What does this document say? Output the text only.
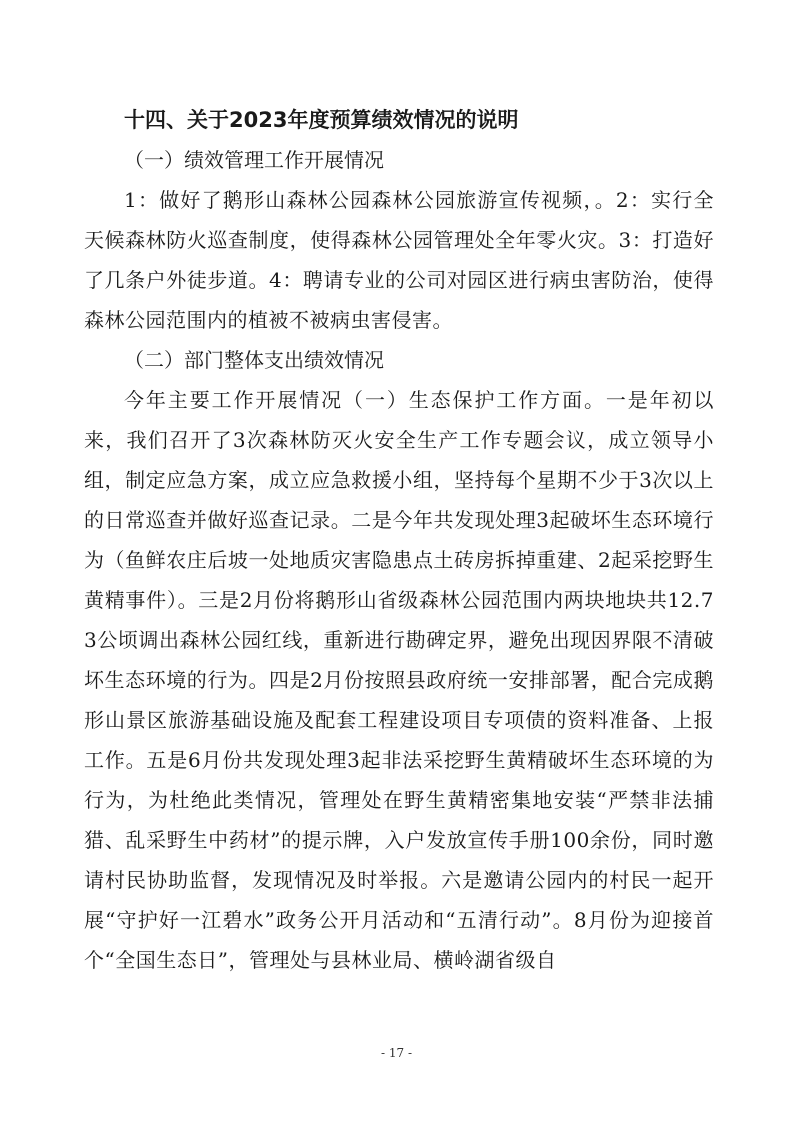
十四、关于2023年度预算绩效情况的说明

（一）绩效管理工作开展情况

1：做好了鹅形山森林公园森林公园旅游宣传视频，。2：实行全天候森林防火巡查制度，使得森林公园管理处全年零火灾。3：打造好了几条户外徒步道。4：聘请专业的公司对园区进行病虫害防治，使得森林公园范围内的植被不被病虫害侵害。

（二）部门整体支出绩效情况

今年主要工作开展情况（一）生态保护工作方面。一是年初以来，我们召开了3次森林防灭火安全生产工作专题会议，成立领导小组，制定应急方案，成立应急救援小组，坚持每个星期不少于3次以上的日常巡查并做好巡查记录。二是今年共发现处理3起破坏生态环境行为（鱼鲜农庄后坡一处地质灾害隐患点土砖房拆掉重建、2起采挖野生黄精事件）。三是2月份将鹅形山省级森林公园范围内两块地块共12.73公顷调出森林公园红线，重新进行勘碑定界，避免出现因界限不清破坏生态环境的行为。四是2月份按照县政府统一安排部署，配合完成鹅形山景区旅游基础设施及配套工程建设项目专项债的资料准备、上报工作。五是6月份共发现处理3起非法采挖野生黄精破坏生态环境的为行为，为杜绝此类情况，管理处在野生黄精密集地安装“严禁非法捕猎、乱采野生中药材”的提示牌，入户发放宣传手册100余份，同时邀请村民协助监督，发现情况及时举报。六是邀请公园内的村民一起开展“守护好一江碧水”政务公开月活动和“五清行动”。8月份为迎接首个“全国生态日”，管理处与县林业局、横岭湖省级自

- 17 -
